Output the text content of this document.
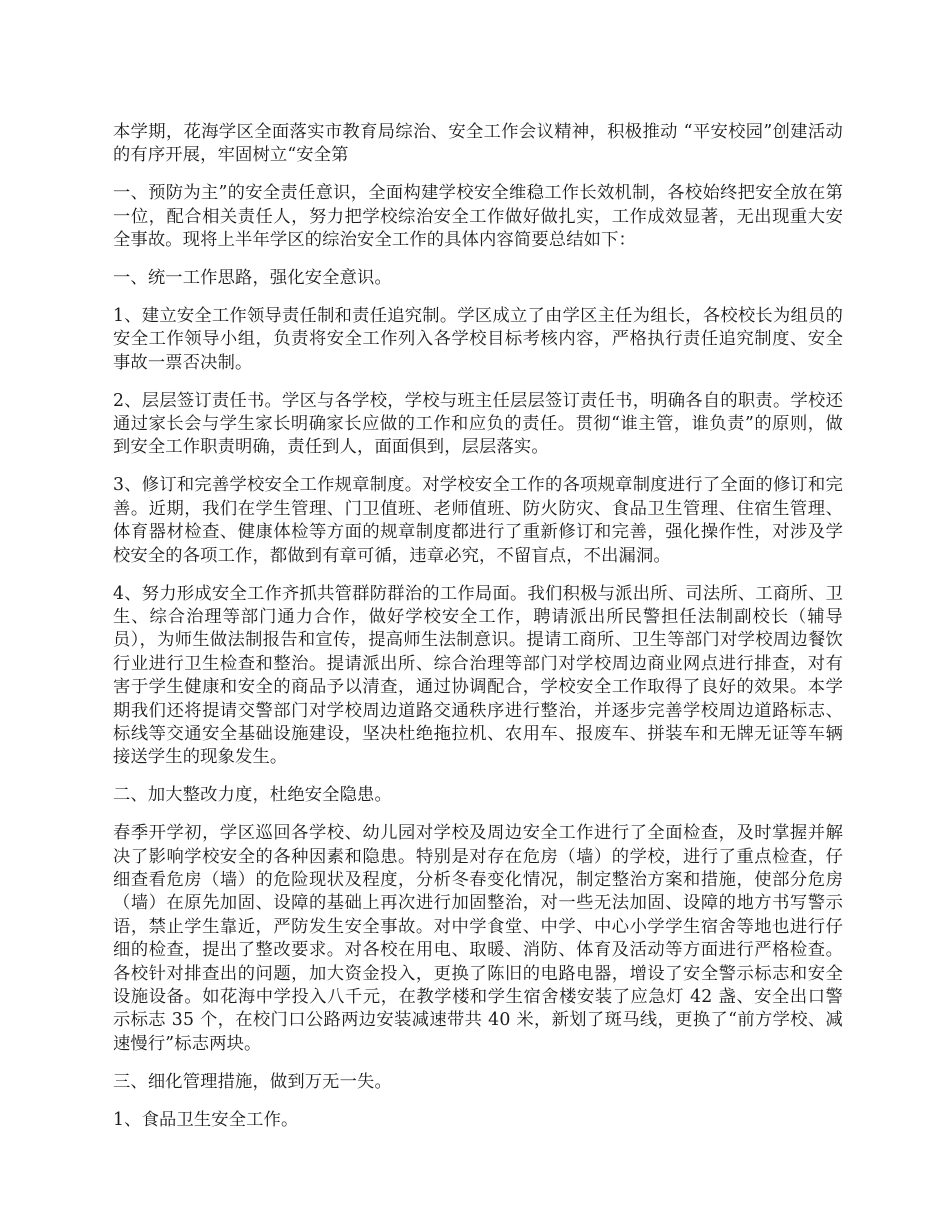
本学期，花海学区全面落实市教育局综治、安全工作会议精神，积极推动 “平安校园”创建活动的有序开展，牢固树立“安全第

一、预防为主”的安全责任意识，全面构建学校安全维稳工作长效机制，各校始终把安全放在第一位，配合相关责任人，努力把学校综治安全工作做好做扎实，工作成效显著，无出现重大安全事故。现将上半年学区的综治安全工作的具体内容简要总结如下：

一、统一工作思路，强化安全意识。

1、建立安全工作领导责任制和责任追究制。学区成立了由学区主任为组长，各校校长为组员的安全工作领导小组，负责将安全工作列入各学校目标考核内容，严格执行责任追究制度、安全事故一票否决制。

2、层层签订责任书。学区与各学校，学校与班主任层层签订责任书，明确各自的职责。学校还通过家长会与学生家长明确家长应做的工作和应负的责任。贯彻“谁主管，谁负责”的原则，做到安全工作职责明确，责任到人，面面俱到，层层落实。

3、修订和完善学校安全工作规章制度。对学校安全工作的各项规章制度进行了全面的修订和完善。近期，我们在学生管理、门卫值班、老师值班、防火防灾、食品卫生管理、住宿生管理、体育器材检查、健康体检等方面的规章制度都进行了重新修订和完善，强化操作性，对涉及学校安全的各项工作，都做到有章可循，违章必究，不留盲点，不出漏洞。

4、努力形成安全工作齐抓共管群防群治的工作局面。我们积极与派出所、司法所、工商所、卫生、综合治理等部门通力合作，做好学校安全工作，聘请派出所民警担任法制副校长（辅导员），为师生做法制报告和宣传，提高师生法制意识。提请工商所、卫生等部门对学校周边餐饮行业进行卫生检查和整治。提请派出所、综合治理等部门对学校周边商业网点进行排查，对有害于学生健康和安全的商品予以清查，通过协调配合，学校安全工作取得了良好的效果。本学期我们还将提请交警部门对学校周边道路交通秩序进行整治，并逐步完善学校周边道路标志、标线等交通安全基础设施建设，坚决杜绝拖拉机、农用车、报废车、拼装车和无牌无证等车辆接送学生的现象发生。

二、加大整改力度，杜绝安全隐患。

春季开学初，学区巡回各学校、幼儿园对学校及周边安全工作进行了全面检查，及时掌握并解决了影响学校安全的各种因素和隐患。特别是对存在危房（墙）的学校，进行了重点检查，仔细查看危房（墙）的危险现状及程度，分析冬春变化情况，制定整治方案和措施，使部分危房（墙）在原先加固、设障的基础上再次进行加固整治，对一些无法加固、设障的地方书写警示语，禁止学生靠近，严防发生安全事故。对中学食堂、中学、中心小学学生宿舍等地也进行仔细的检查，提出了整改要求。对各校在用电、取暖、消防、体育及活动等方面进行严格检查。各校针对排查出的问题，加大资金投入，更换了陈旧的电路电器，增设了安全警示标志和安全设施设备。如花海中学投入八千元，在教学楼和学生宿舍楼安装了应急灯 42 盏、安全出口警示标志 35 个，在校门口公路两边安装减速带共 40 米，新划了斑马线，更换了“前方学校、减速慢行”标志两块。

三、细化管理措施，做到万无一失。

1、食品卫生安全工作。
